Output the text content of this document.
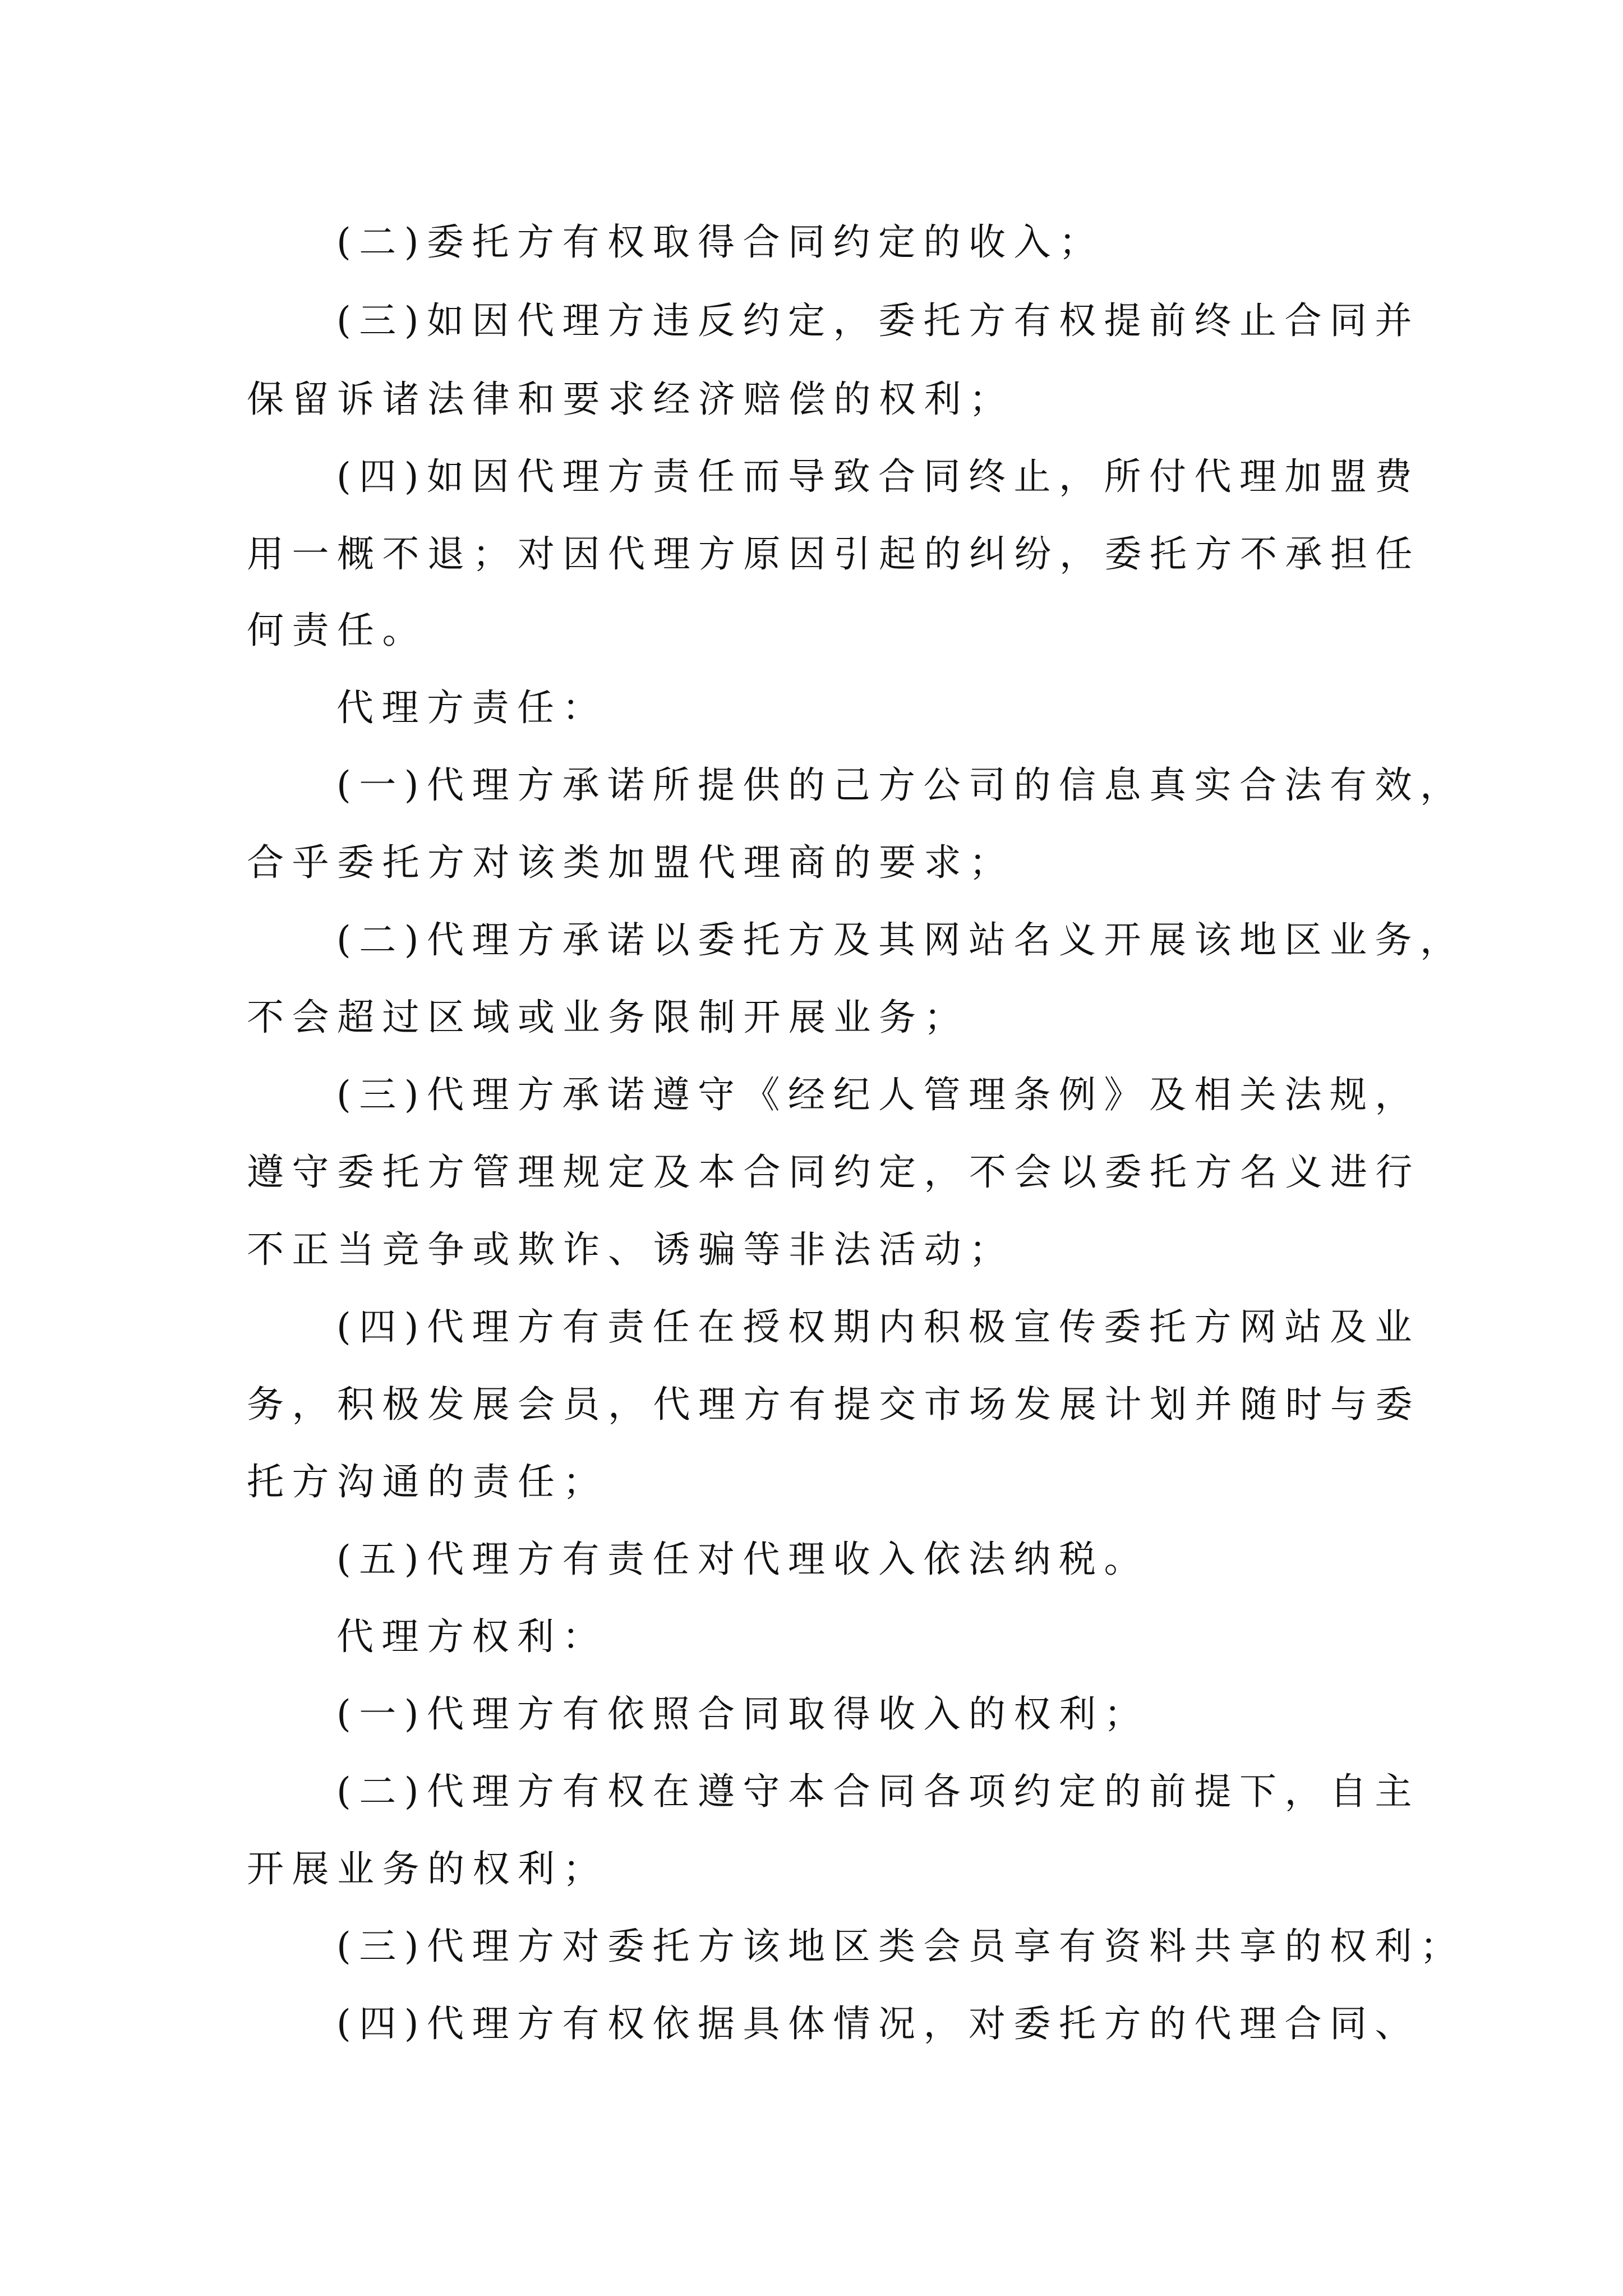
(二)委托方有权取得合同约定的收入；
(三)如因代理方违反约定，委托方有权提前终止合同并
保留诉诸法律和要求经济赔偿的权利；
(四)如因代理方责任而导致合同终止，所付代理加盟费
用一概不退；对因代理方原因引起的纠纷，委托方不承担任
何责任。
代理方责任：
(一)代理方承诺所提供的己方公司的信息真实合法有效，
合乎委托方对该类加盟代理商的要求；
(二)代理方承诺以委托方及其网站名义开展该地区业务，
不会超过区域或业务限制开展业务；
(三)代理方承诺遵守《经纪人管理条例》及相关法规，
遵守委托方管理规定及本合同约定，不会以委托方名义进行
不正当竞争或欺诈、诱骗等非法活动；
(四)代理方有责任在授权期内积极宣传委托方网站及业
务，积极发展会员，代理方有提交市场发展计划并随时与委
托方沟通的责任；
(五)代理方有责任对代理收入依法纳税。
代理方权利：
(一)代理方有依照合同取得收入的权利；
(二)代理方有权在遵守本合同各项约定的前提下，自主
开展业务的权利；
(三)代理方对委托方该地区类会员享有资料共享的权利；
(四)代理方有权依据具体情况，对委托方的代理合同、
